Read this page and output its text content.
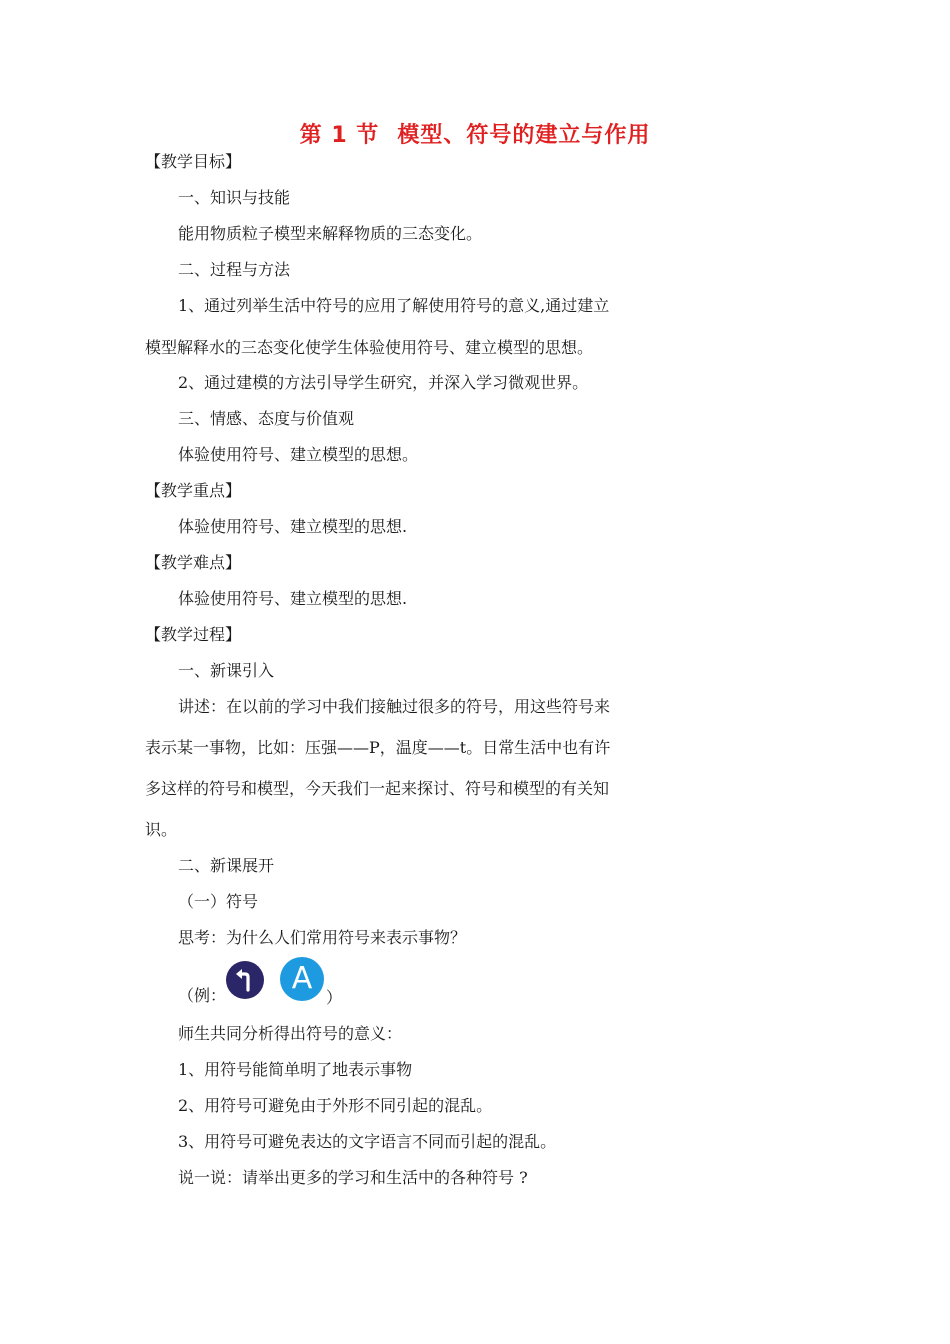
第 1 节 模型、符号的建立与作用
【教学目标】
一、知识与技能
能用物质粒子模型来解释物质的三态变化。
二、过程与方法
1、通过列举生活中符号的应用了解使用符号的意义,通过建立
模型解释水的三态变化使学生体验使用符号、建立模型的思想。
2、通过建模的方法引导学生研究，并深入学习微观世界。
三、情感、态度与价值观
体验使用符号、建立模型的思想。
【教学重点】
体验使用符号、建立模型的思想.
【教学难点】
体验使用符号、建立模型的思想.
【教学过程】
一、新课引入
讲述：在以前的学习中我们接触过很多的符号，用这些符号来
表示某一事物，比如：压强——P，温度——t。日常生活中也有许
多这样的符号和模型，今天我们一起来探讨、符号和模型的有关知
识。
二、新课展开
（一）符号
思考：为什么人们常用符号来表示事物？
（例：	A
）
师生共同分析得出符号的意义：
1、用符号能简单明了地表示事物
2、用符号可避免由于外形不同引起的混乱。
3、用符号可避免表达的文字语言不同而引起的混乱。
说一说：请举出更多的学习和生活中的各种符号 ?
